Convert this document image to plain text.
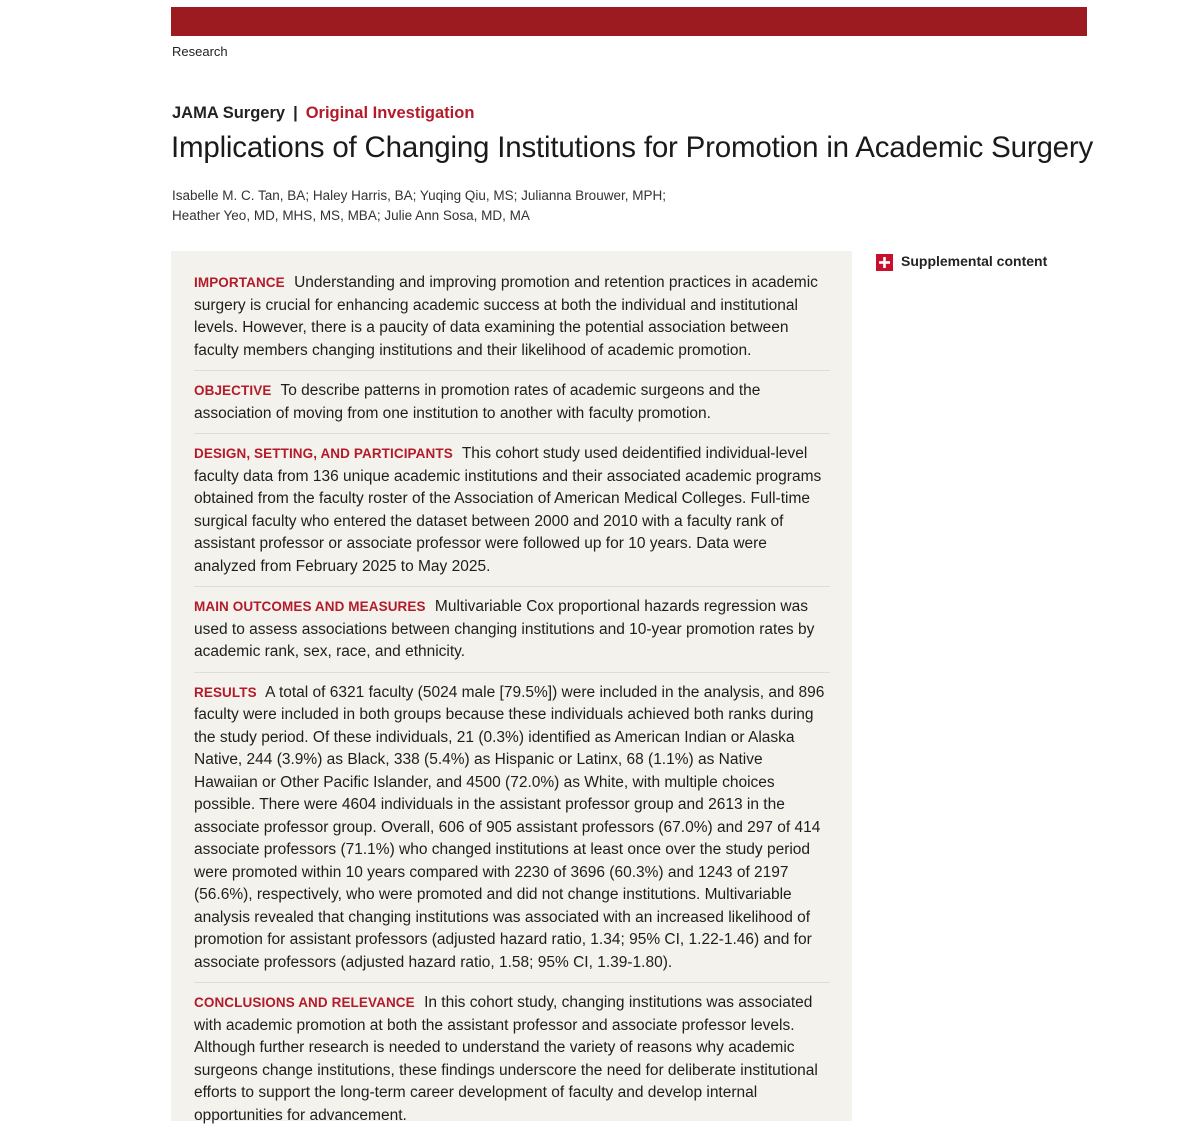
Research
JAMA Surgery | Original Investigation
Implications of Changing Institutions for Promotion in Academic Surgery
Isabelle M. C. Tan, BA; Haley Harris, BA; Yuqing Qiu, MS; Julianna Brouwer, MPH;
Heather Yeo, MD, MHS, MS, MBA; Julie Ann Sosa, MD, MA
Supplemental content
IMPORTANCE Understanding and improving promotion and retention practices in academic surgery is crucial for enhancing academic success at both the individual and institutional levels. However, there is a paucity of data examining the potential association between faculty members changing institutions and their likelihood of academic promotion.
OBJECTIVE To describe patterns in promotion rates of academic surgeons and the association of moving from one institution to another with faculty promotion.
DESIGN, SETTING, AND PARTICIPANTS This cohort study used deidentified individual-level faculty data from 136 unique academic institutions and their associated academic programs obtained from the faculty roster of the Association of American Medical Colleges. Full-time surgical faculty who entered the dataset between 2000 and 2010 with a faculty rank of assistant professor or associate professor were followed up for 10 years. Data were analyzed from February 2025 to May 2025.
MAIN OUTCOMES AND MEASURES Multivariable Cox proportional hazards regression was used to assess associations between changing institutions and 10-year promotion rates by academic rank, sex, race, and ethnicity.
RESULTS A total of 6321 faculty (5024 male [79.5%]) were included in the analysis, and 896 faculty were included in both groups because these individuals achieved both ranks during the study period. Of these individuals, 21 (0.3%) identified as American Indian or Alaska Native, 244 (3.9%) as Black, 338 (5.4%) as Hispanic or Latinx, 68 (1.1%) as Native Hawaiian or Other Pacific Islander, and 4500 (72.0%) as White, with multiple choices possible. There were 4604 individuals in the assistant professor group and 2613 in the associate professor group. Overall, 606 of 905 assistant professors (67.0%) and 297 of 414 associate professors (71.1%) who changed institutions at least once over the study period were promoted within 10 years compared with 2230 of 3696 (60.3%) and 1243 of 2197 (56.6%), respectively, who were promoted and did not change institutions. Multivariable analysis revealed that changing institutions was associated with an increased likelihood of promotion for assistant professors (adjusted hazard ratio, 1.34; 95% CI, 1.22-1.46) and for associate professors (adjusted hazard ratio, 1.58; 95% CI, 1.39-1.80).
CONCLUSIONS AND RELEVANCE In this cohort study, changing institutions was associated with academic promotion at both the assistant professor and associate professor levels. Although further research is needed to understand the variety of reasons why academic surgeons change institutions, these findings underscore the need for deliberate institutional efforts to support the long-term career development of faculty and develop internal opportunities for advancement.
